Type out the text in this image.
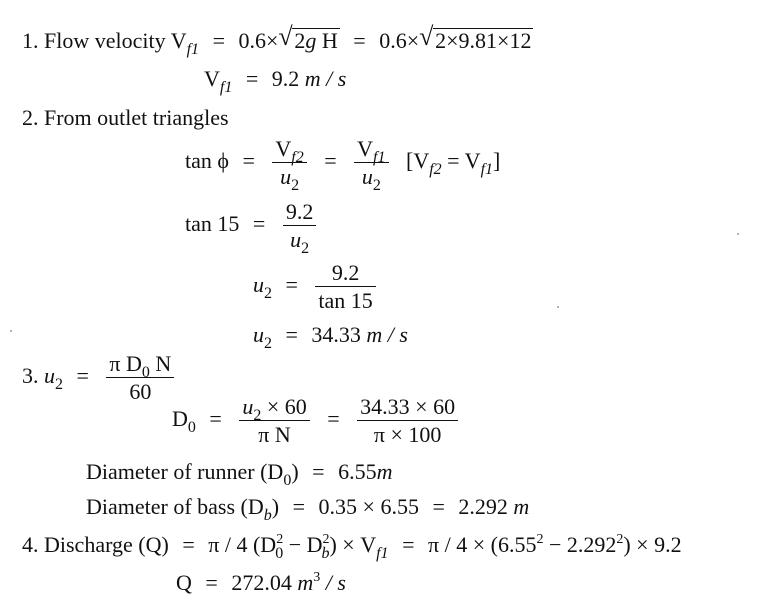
1. Flow velocity $V_{f1} = 0.6\times$ √ 2g H = 0.6× √ 2×9.81×12
$V_{f1} = 9.2$ m / s
2. From outlet triangles
$\tan \phi = \frac{V_{f2}}{u_2} = \frac{V_{f1}}{u_2} [V_{f2} = V_{f1}]$
$\tan 15 = \frac{9.2}{u_2}$
$u_2 = \frac{9.2}{\tan 15}$
$u_2 = 34.33$ m / s
3. $u_2 = \frac{\pi D_0 N}{60}$
$D_0 = \frac{u_2 \times 60}{\text{π N}} = \frac{34.33 \times 60}{\pi \times 100}$
Diameter of runner $(D_0) = 6.55m$
Diameter of bass $(D_b) = 0.35 \times 6.55 = 2.292$ m
4. Discharge (Q) = π / 4 $(D^2_0 - D^2_b) \times V_{f1} = \pi / 4 \times (6.55^2 - 2.292^2) \times 9.2$
Q = 272.04 $m^3$ / s
